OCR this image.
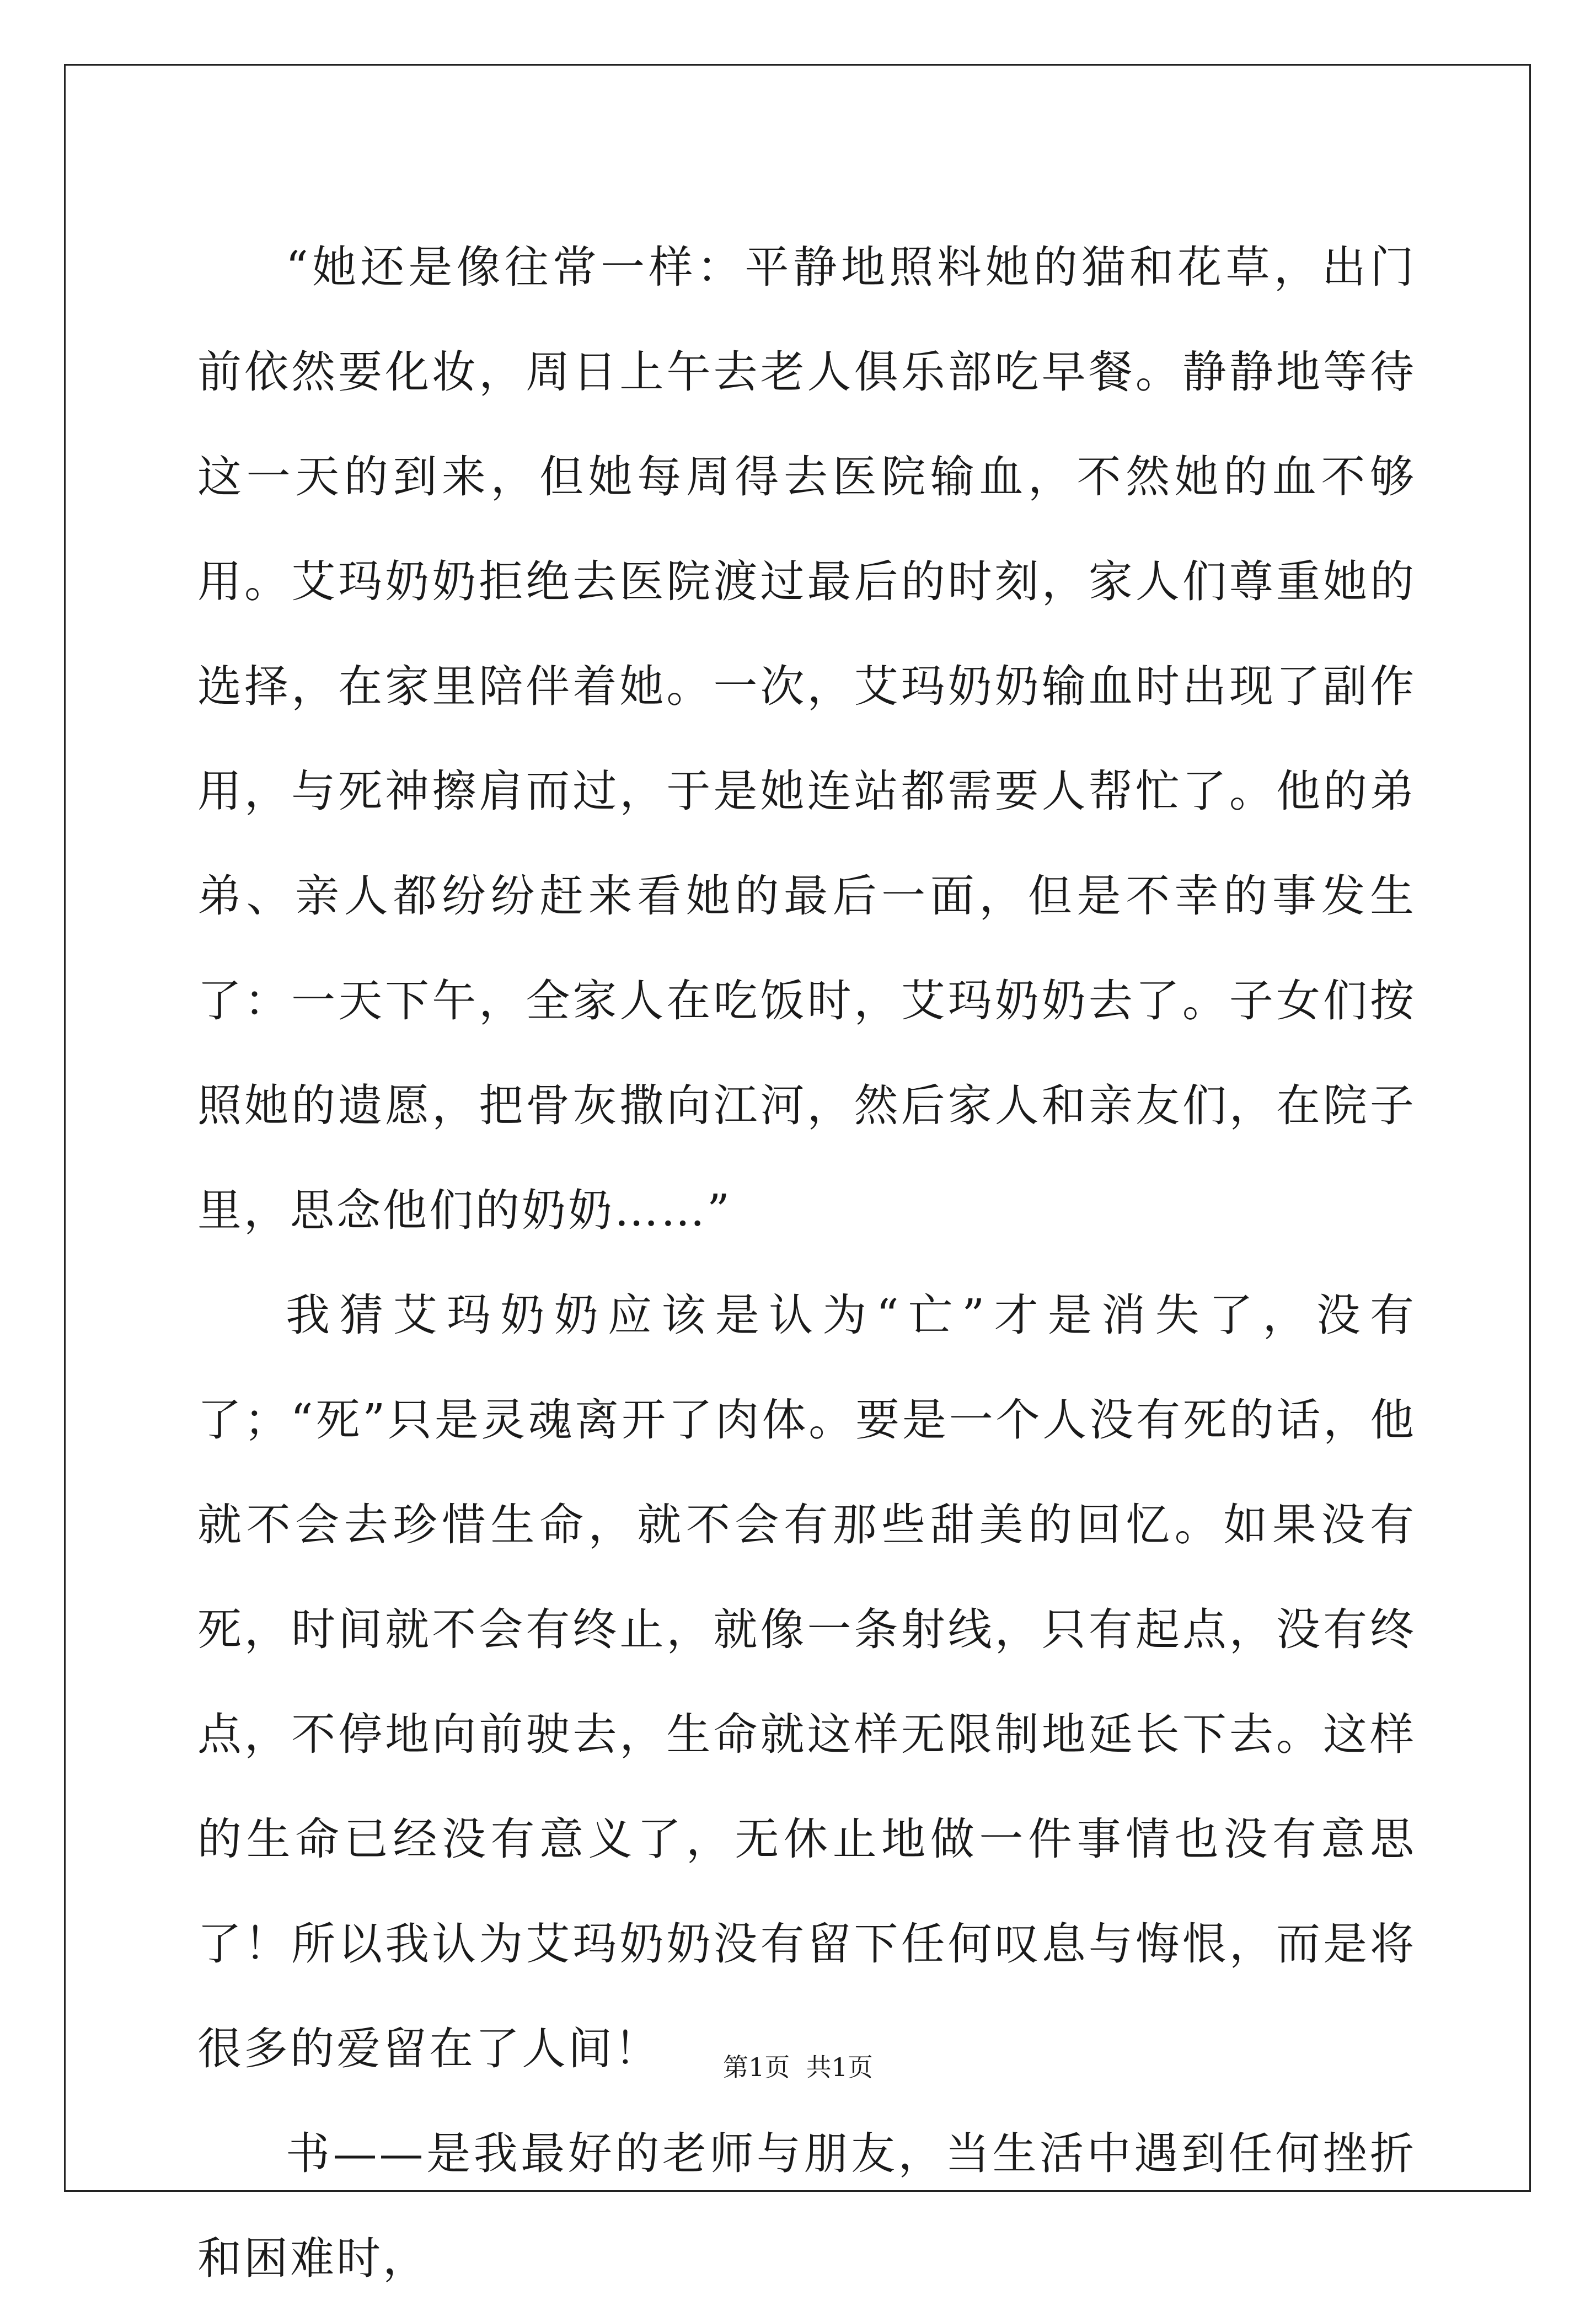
“她还是像往常一样：平静地照料她的猫和花草，出门前依然要化妆，周日上午去老人俱乐部吃早餐。静静地等待这一天的到来，但她每周得去医院输血，不然她的血不够用。艾玛奶奶拒绝去医院渡过最后的时刻，家人们尊重她的选择，在家里陪伴着她。一次，艾玛奶奶输血时出现了副作用，与死神擦肩而过，于是她连站都需要人帮忙了。他的弟弟、亲人都纷纷赶来看她的最后一面，但是不幸的事发生了：一天下午，全家人在吃饭时，艾玛奶奶去了。子女们按照她的遗愿，把骨灰撒向江河，然后家人和亲友们，在院子里，思念他们的奶奶……”

我猜艾玛奶奶应该是认为“亡”才是消失了，没有了；“死”只是灵魂离开了肉体。要是一个人没有死的话，他就不会去珍惜生命，就不会有那些甜美的回忆。如果没有死，时间就不会有终止，就像一条射线，只有起点，没有终点，不停地向前驶去，生命就这样无限制地延长下去。这样的生命已经没有意义了，无休止地做一件事情也没有意思了！所以我认为艾玛奶奶没有留下任何叹息与悔恨，而是将很多的爱留在了人间！

书——是我最好的老师与朋友，当生活中遇到任何挫折和困难时，

第1页  共1页
